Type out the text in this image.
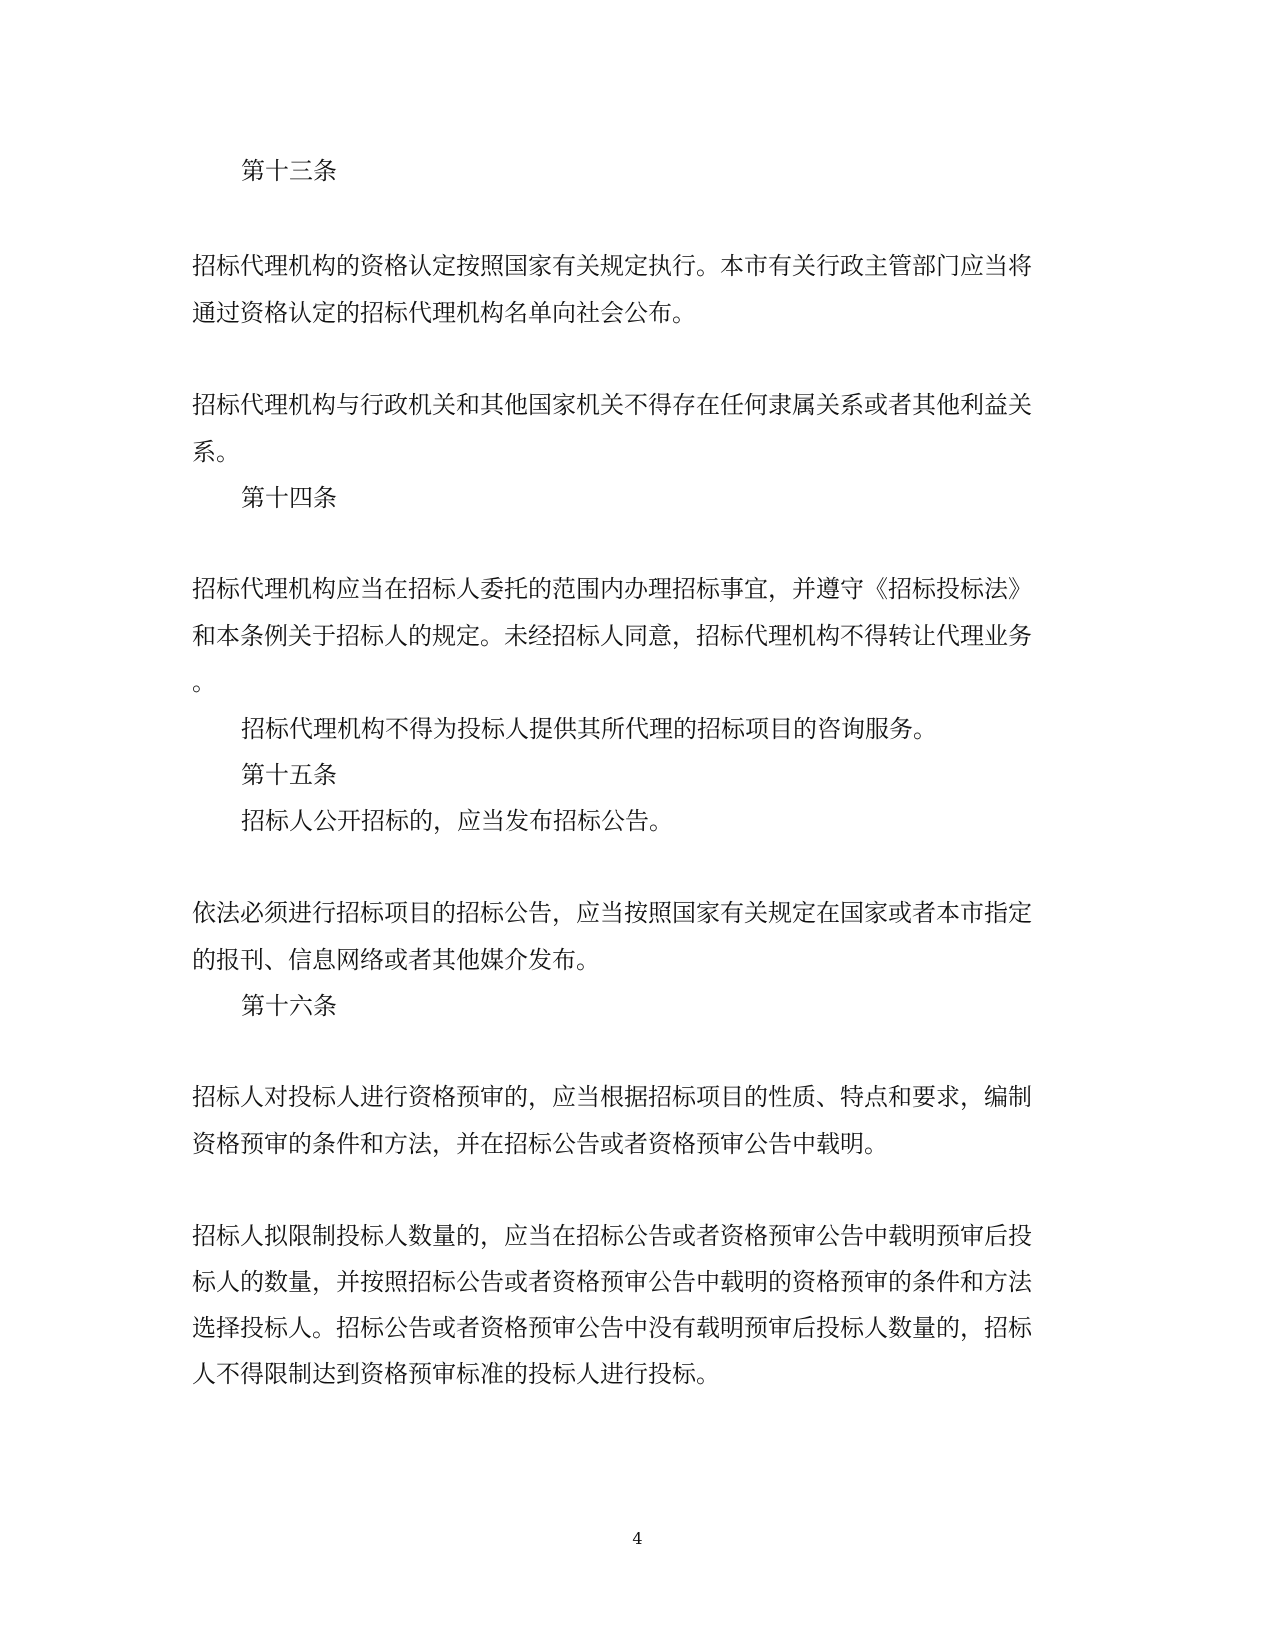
第十三条
招标代理机构的资格认定按照国家有关规定执行。本市有关行政主管部门应当将
通过资格认定的招标代理机构名单向社会公布。
招标代理机构与行政机关和其他国家机关不得存在任何隶属关系或者其他利益关
系。
第十四条
招标代理机构应当在招标人委托的范围内办理招标事宜，并遵守《招标投标法》
和本条例关于招标人的规定。未经招标人同意，招标代理机构不得转让代理业务
。
招标代理机构不得为投标人提供其所代理的招标项目的咨询服务。
第十五条
招标人公开招标的，应当发布招标公告。
依法必须进行招标项目的招标公告，应当按照国家有关规定在国家或者本市指定
的报刊、信息网络或者其他媒介发布。
第十六条
招标人对投标人进行资格预审的，应当根据招标项目的性质、特点和要求，编制
资格预审的条件和方法，并在招标公告或者资格预审公告中载明。
招标人拟限制投标人数量的，应当在招标公告或者资格预审公告中载明预审后投
标人的数量，并按照招标公告或者资格预审公告中载明的资格预审的条件和方法
选择投标人。招标公告或者资格预审公告中没有载明预审后投标人数量的，招标
人不得限制达到资格预审标准的投标人进行投标。
4
